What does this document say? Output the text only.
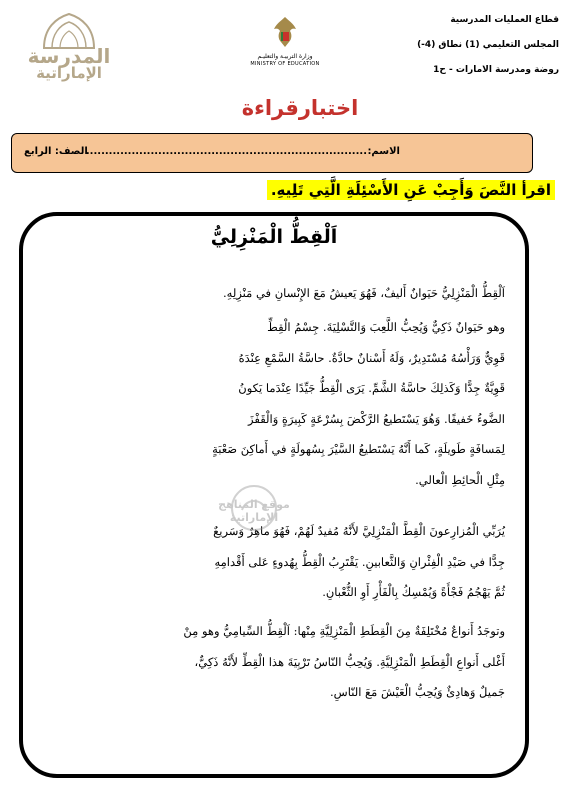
قطاع العمليات المدرسية
المجلس التعليمي (1) نطاق (4-)
روضة ومدرسة الامارات - ح1
وزارة التربيـة والتعليـم
MINISTRY OF EDUCATION
المدرسة
الإماراتية
اختبارقراءة
الاسم:
..........................................................................
الصف: الرابع
اقرأ النَّصَ وَأَجِبْ عَنِ الأَسْئِلَةِ الَّتِي تَلِيهِ.
اَلْقِطُّ الْمَنْزِلِيُّ
اَلْقِطُّ الْمَنْزِلِيُّ حَيَوانٌ أَليفٌ، فَهُوَ يَعيشُ مَعَ الإِنْسانِ في مَنْزِلِهِ.
وهو حَيَوانٌ ذَكِيٌّ وَيُحِبُّ اللَّعِبَ وَالتَّسْلِيَةَ. جِسْمُ الْقِطِّ
قَوِيٌّ وَرَأْسُهُ مُسْتَدِيرٌ، وَلَهُ أَسْنانٌ حادَّةٌ. حاسَّةُ السَّمْعِ عِنْدَهُ
قَوِيَّةٌ جِدًّا وَكَذلِكَ حاسَّةُ الشَّمِّ. يَرَى الْقِطُّ جَيِّدًا عِنْدَما يَكونُ
الضَّوءُ خَفيفًا. وَهُوَ يَسْتَطيعُ الرَّكْضَ بِسُرْعَةٍ كَبِيرَةٍ وَالْقَفْزَ
لِمَسافَةٍ طَويلَةٍ، كَما أَنَّهُ يَسْتَطيعُ السَّيْرَ بِسُهولَةٍ في أَماكِنَ صَعْبَةٍ
مِثْلِ الْحائِطِ الْعالي.
يُرَبِّي الْمُزارِعونَ الْقِطَّ الْمَنْزِلِيَّ لأَنَّهُ مُفيدٌ لَهُمْ، فَهُوَ ماهِرٌ وَسَريعٌ
جِدًّا في صَيْدِ الْفِئْرانِ وَالثَّعابينِ. يَقْتَرِبُ الْقِطُّ بِهُدوءٍ عَلى أَقْدامِهِ
ثُمَّ يَهْجُمُ فَجْأَةً وَيُمْسِكُ بِالْفَأْرِ أَوِ الثُّعْبانِ.
وتوجَدُ أَنواعٌ مُخْتَلِفَةٌ مِنَ الْقِطَطِ الْمَنْزِلِيَّةِ مِنْها: اَلْقِطُّ السِّيامِيُّ وهو مِنْ
أَغْلى أَنواعِ الْقِطَطِ الْمَنْزِلِيَّةِ. وَيُحِبُّ النّاسُ تَرْبِيَةَ هذا الْقِطِّ لأَنَّهُ ذَكِيٌّ،
جَميلٌ وَهادِئٌ وَيُحِبُّ الْعَيْشَ مَعَ النّاسِ.
موقع المناهج الإماراتية
